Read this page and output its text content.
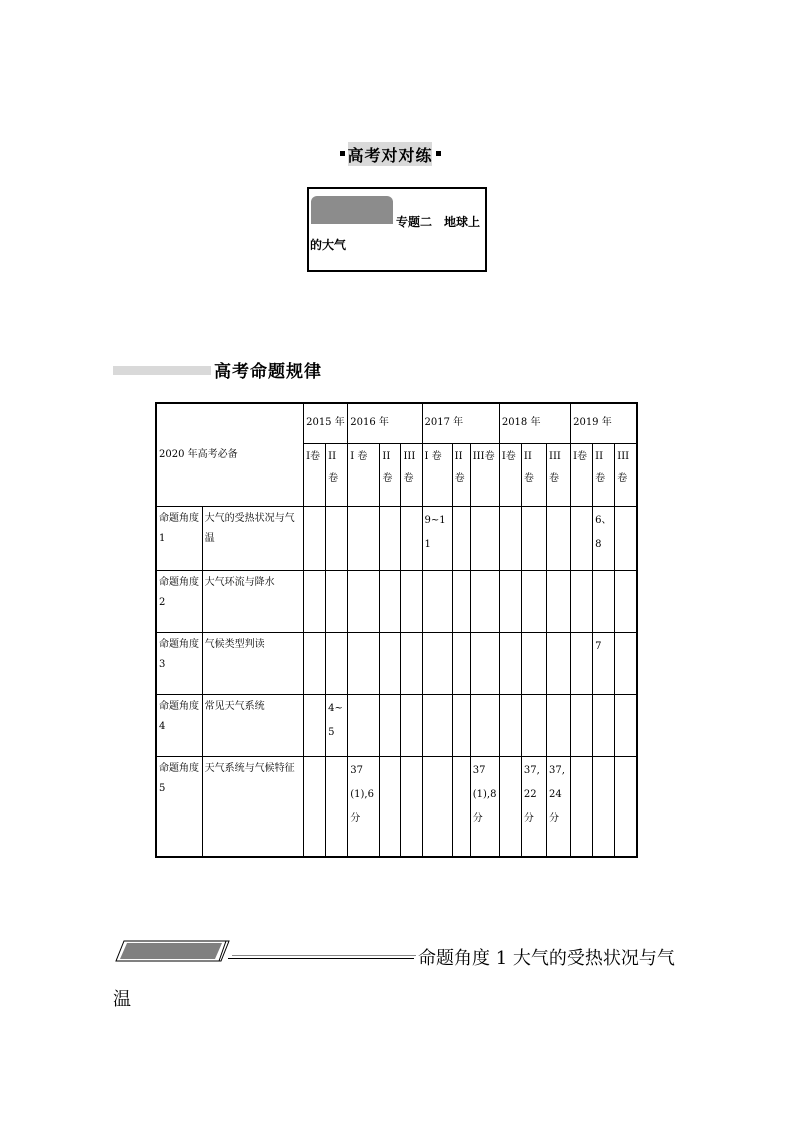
高考对对练
专题二　地球上
的大气
高考命题规律
2020 年高考必备		2015 年		2016 年			2017 年			2018 年			2019 年		
		I卷	II卷	I 卷	II卷	III卷	I 卷	II卷	III卷	I卷	II 卷	III卷	I卷	II卷	III卷
命题角度 1	大气的受热状况与气温						9~11							6、8	
命题角度 2	大气环流与降水														
命题角度 3	气候类型判读													7	
命题角度 4	常见天气系统		4~5												
命题角度 5	天气系统与气候特征			37(1),6 分					37(1),8 分		37,22 分	37,24 分			
命题角度 1 大气的受热状况与气
温
